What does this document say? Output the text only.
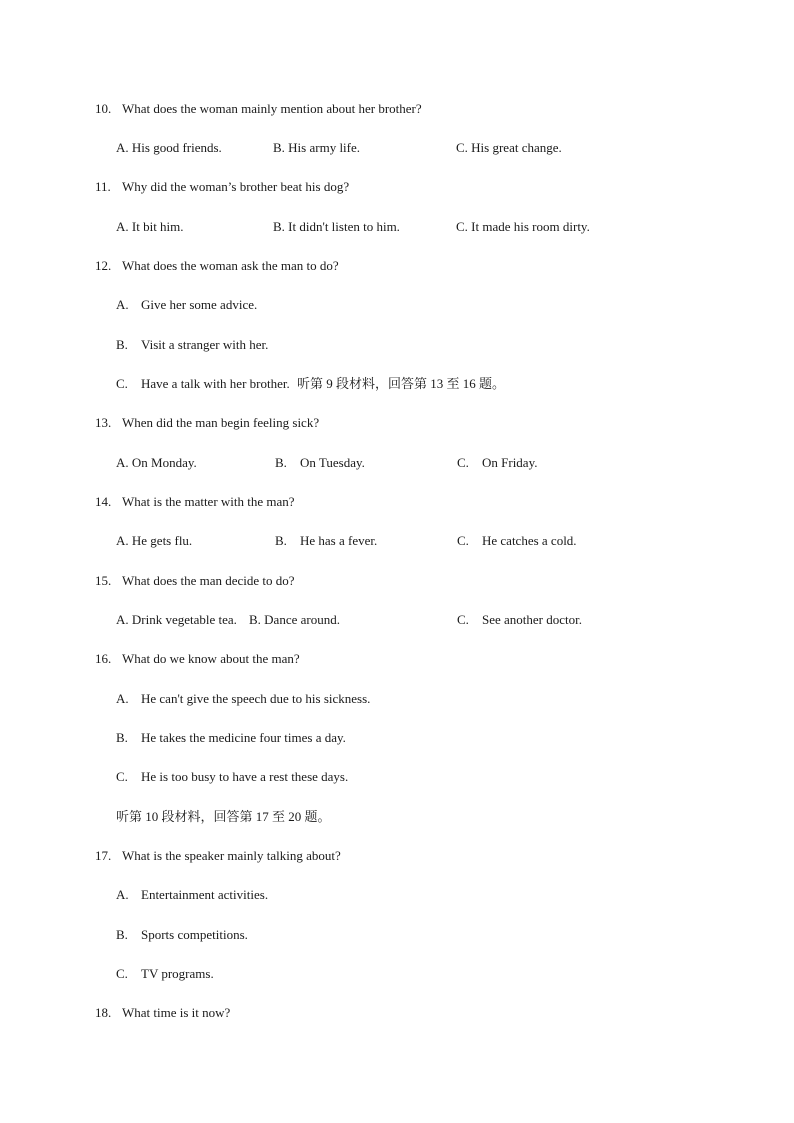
10. What does the woman mainly mention about her brother?
A. His good friends.	B. His army life.	C. His great change.
11. Why did the woman’s brother beat his dog?
A. It bit him.	B. It didn't listen to him.	C. It made his room dirty.
12. What does the woman ask the man to do?
A. Give her some advice.
B. Visit a stranger with her.
C. Have a talk with her brother. 听第 9 段材料，回答第 13 至 16 题。
13. When did the man begin feeling sick?
A. On Monday.	B. On Tuesday.	C. On Friday.
14. What is the matter with the man?
A. He gets flu.	B. He has a fever.	C. He catches a cold.
15. What does the man decide to do?
A. Drink vegetable tea. B. Dance around.	C. See another doctor.
16. What do we know about the man?
A. He can't give the speech due to his sickness.
B. He takes the medicine four times a day.
C. He is too busy to have a rest these days.
听第 10 段材料，回答第 17 至 20 题。
17. What is the speaker mainly talking about?
A. Entertainment activities.
B. Sports competitions.
C. TV programs.
18. What time is it now?
